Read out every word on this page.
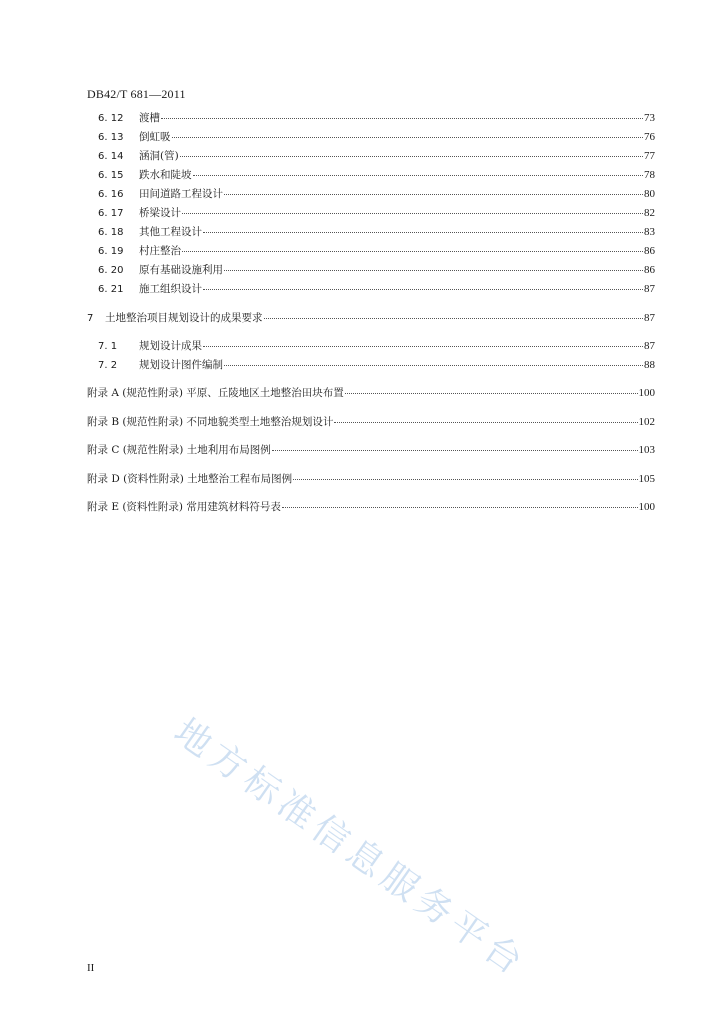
DB42/T 681—2011
6. 12	渡槽	73
6. 13	倒虹吸	76
6. 14	涵洞(管)	77
6. 15	跌水和陡坡	78
6. 16	田间道路工程设计	80
6. 17	桥梁设计	82
6. 18	其他工程设计	83
6. 19	村庄整治	86
6. 20	原有基础设施利用	86
6. 21	施工组织设计	87
7	土地整治项目规划设计的成果要求	87
7. 1	规划设计成果	87
7. 2	规划设计图件编制	88
附录 A (规范性附录) 平原、丘陵地区土地整治田块布置	100
附录 B (规范性附录) 不同地貌类型土地整治规划设计	102
附录 C (规范性附录) 土地利用布局图例	103
附录 D (资料性附录) 土地整治工程布局图例	105
附录 E (资料性附录) 常用建筑材料符号表	100
地方标准信息服务平台
II
